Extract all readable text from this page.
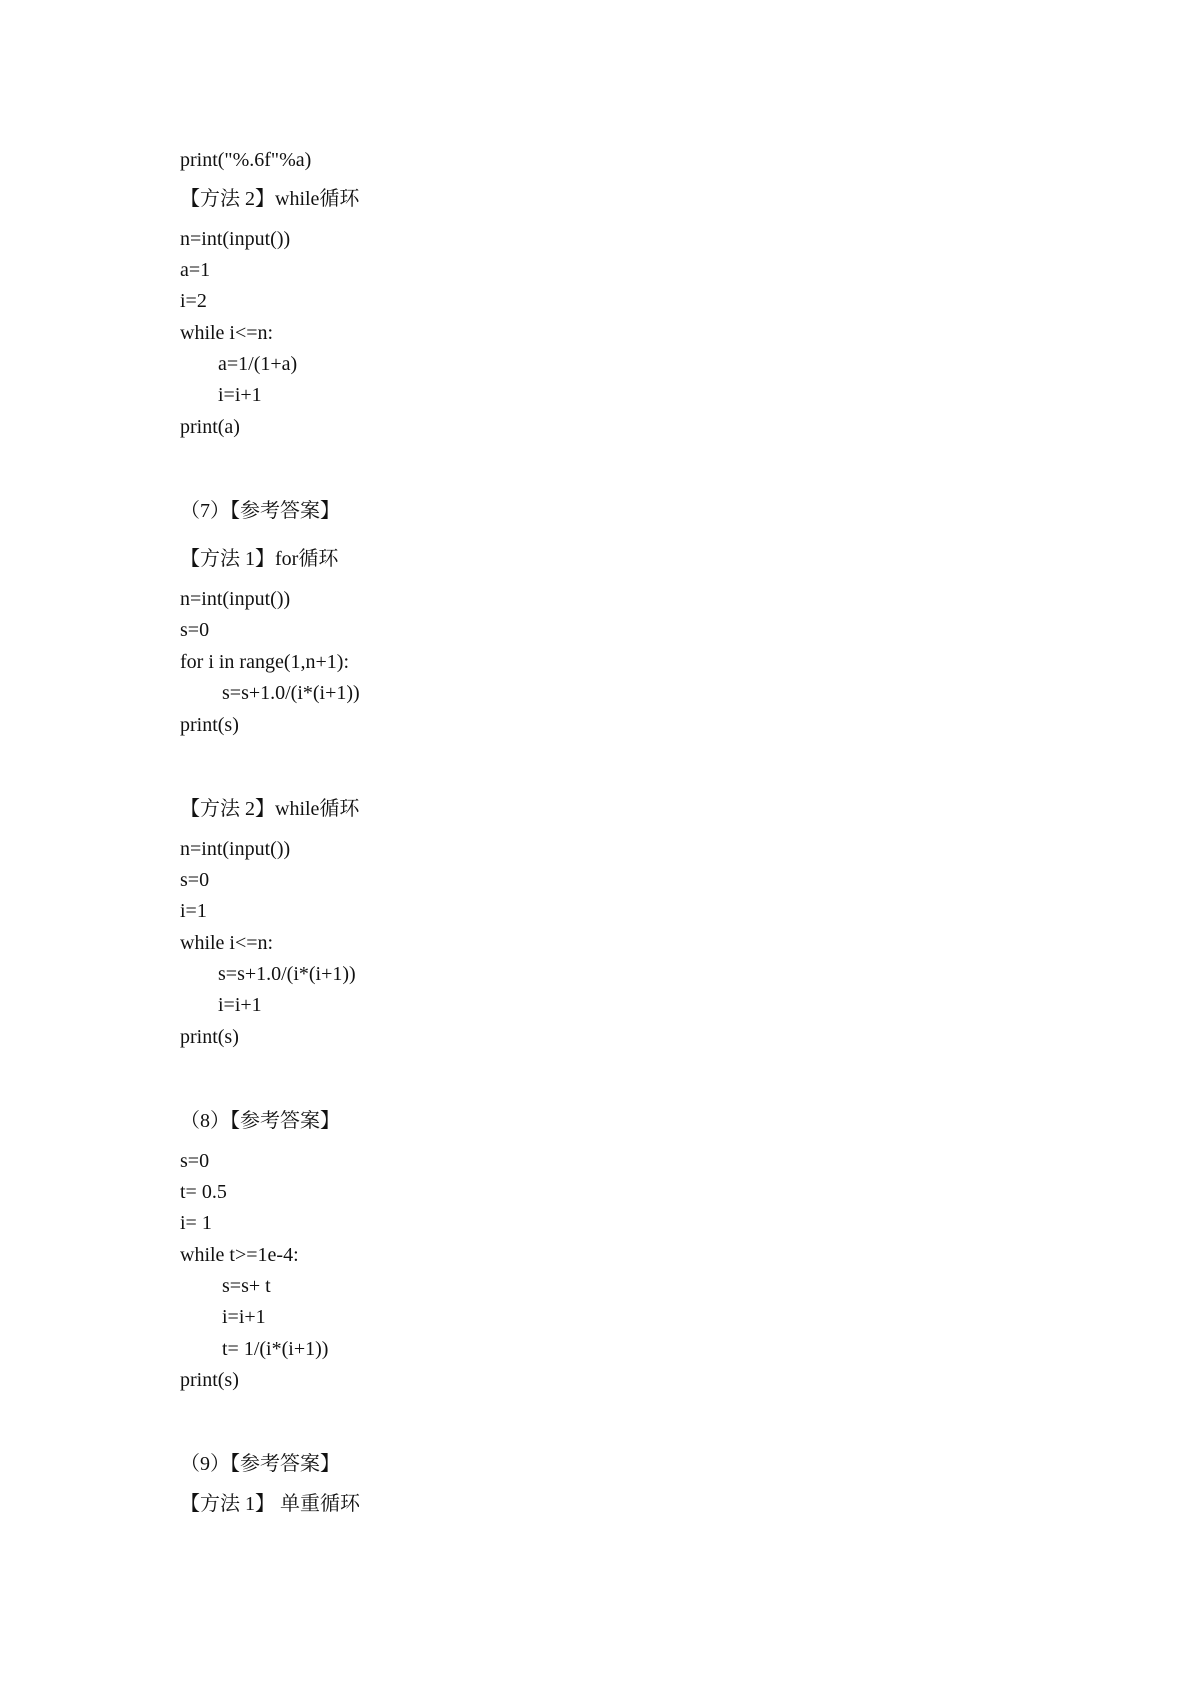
print("%.6f"%a)
【方法 2】while循环
n=int(input())
a=1
i=2
while i<=n:
a=1/(1+a)
i=i+1
print(a)
（7）【参考答案】
【方法 1】for循环
n=int(input())
s=0
for i in range(1,n+1):
s=s+1.0/(i*(i+1))
print(s)
【方法 2】while循环
n=int(input())
s=0
i=1
while i<=n:
s=s+1.0/(i*(i+1))
i=i+1
print(s)
（8）【参考答案】
s=0
t= 0.5
i= 1
while t>=1e-4:
s=s+ t
i=i+1
t= 1/(i*(i+1))
print(s)
（9）【参考答案】
【方法 1】 单重循环
